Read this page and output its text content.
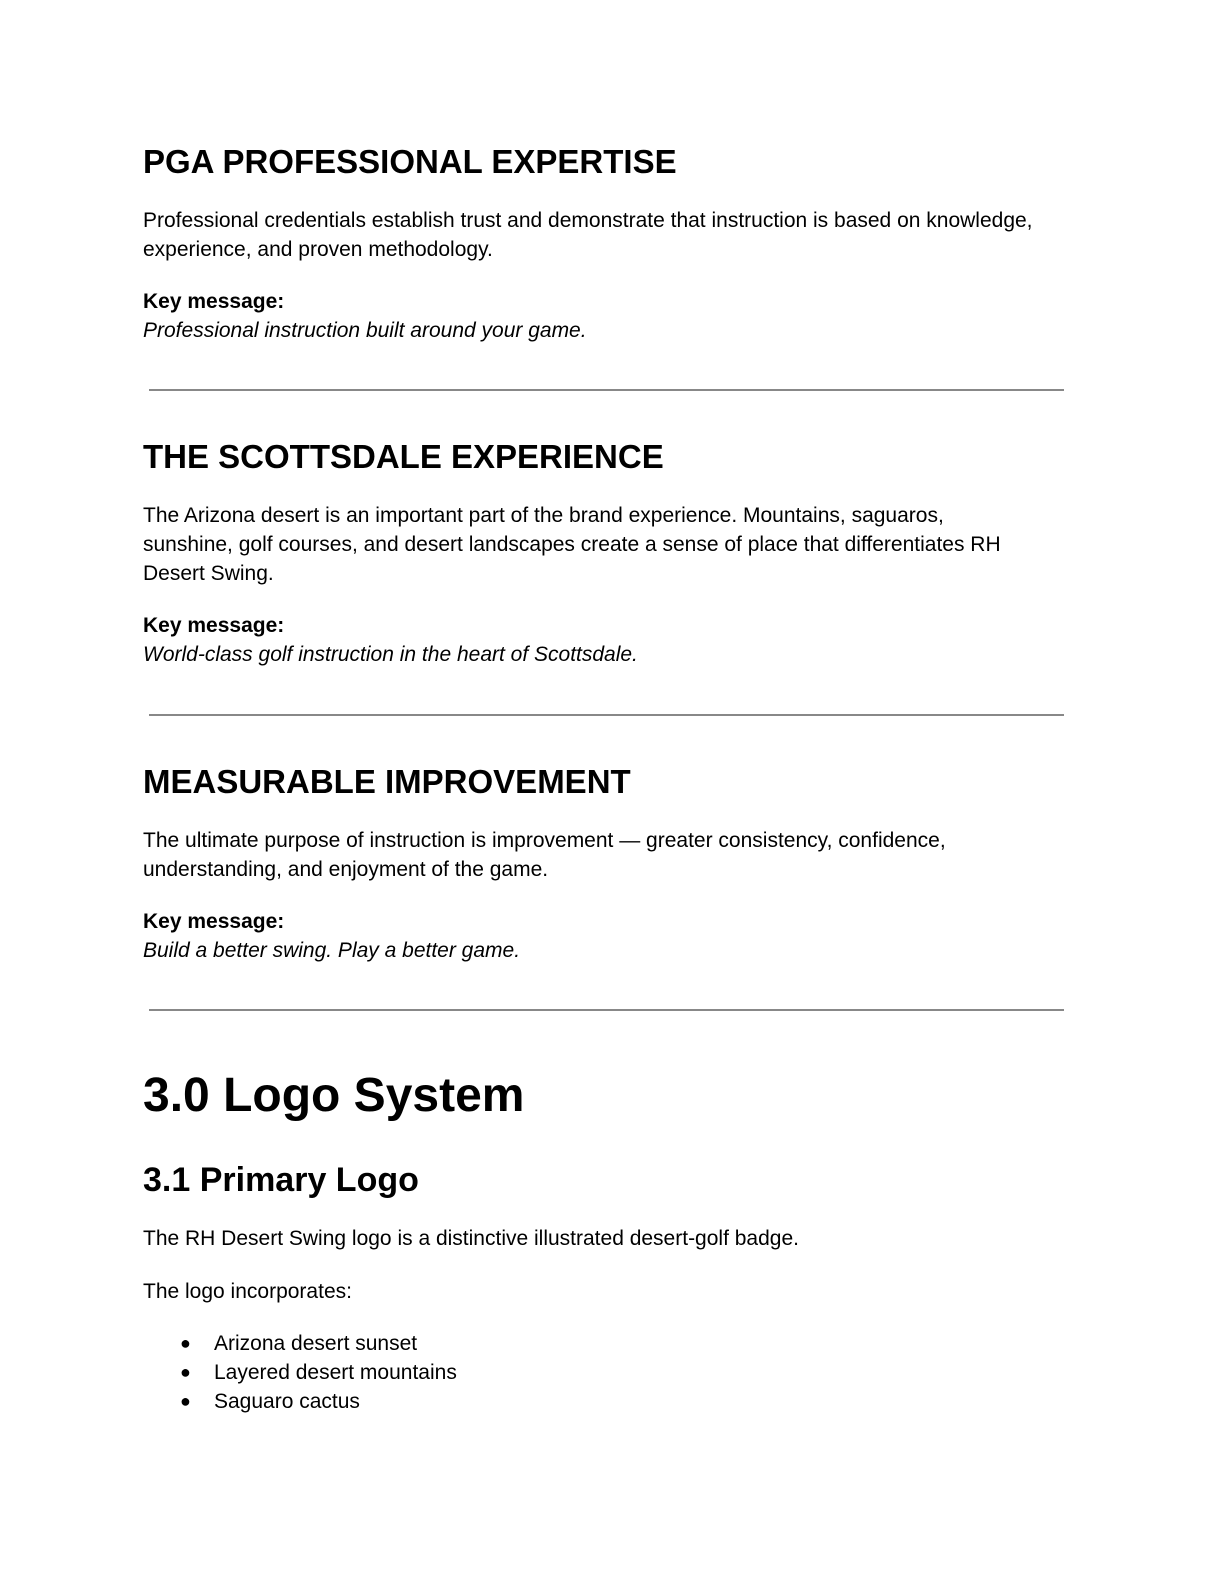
PGA PROFESSIONAL EXPERTISE

Professional credentials establish trust and demonstrate that instruction is based on knowledge,

experience, and proven methodology.

Key message:

Professional instruction built around your game.

THE SCOTTSDALE EXPERIENCE

The Arizona desert is an important part of the brand experience. Mountains, saguaros,

sunshine, golf courses, and desert landscapes create a sense of place that differentiates RH

Desert Swing.

Key message:

World-class golf instruction in the heart of Scottsdale.

MEASURABLE IMPROVEMENT

The ultimate purpose of instruction is improvement — greater consistency, confidence,

understanding, and enjoyment of the game.

Key message:

Build a better swing. Play a better game.

3.0 Logo System
3.1 Primary Logo

The RH Desert Swing logo is a distinctive illustrated desert-golf badge.

The logo incorporates:

● Arizona desert sunset
● Layered desert mountains
● Saguaro cactus
